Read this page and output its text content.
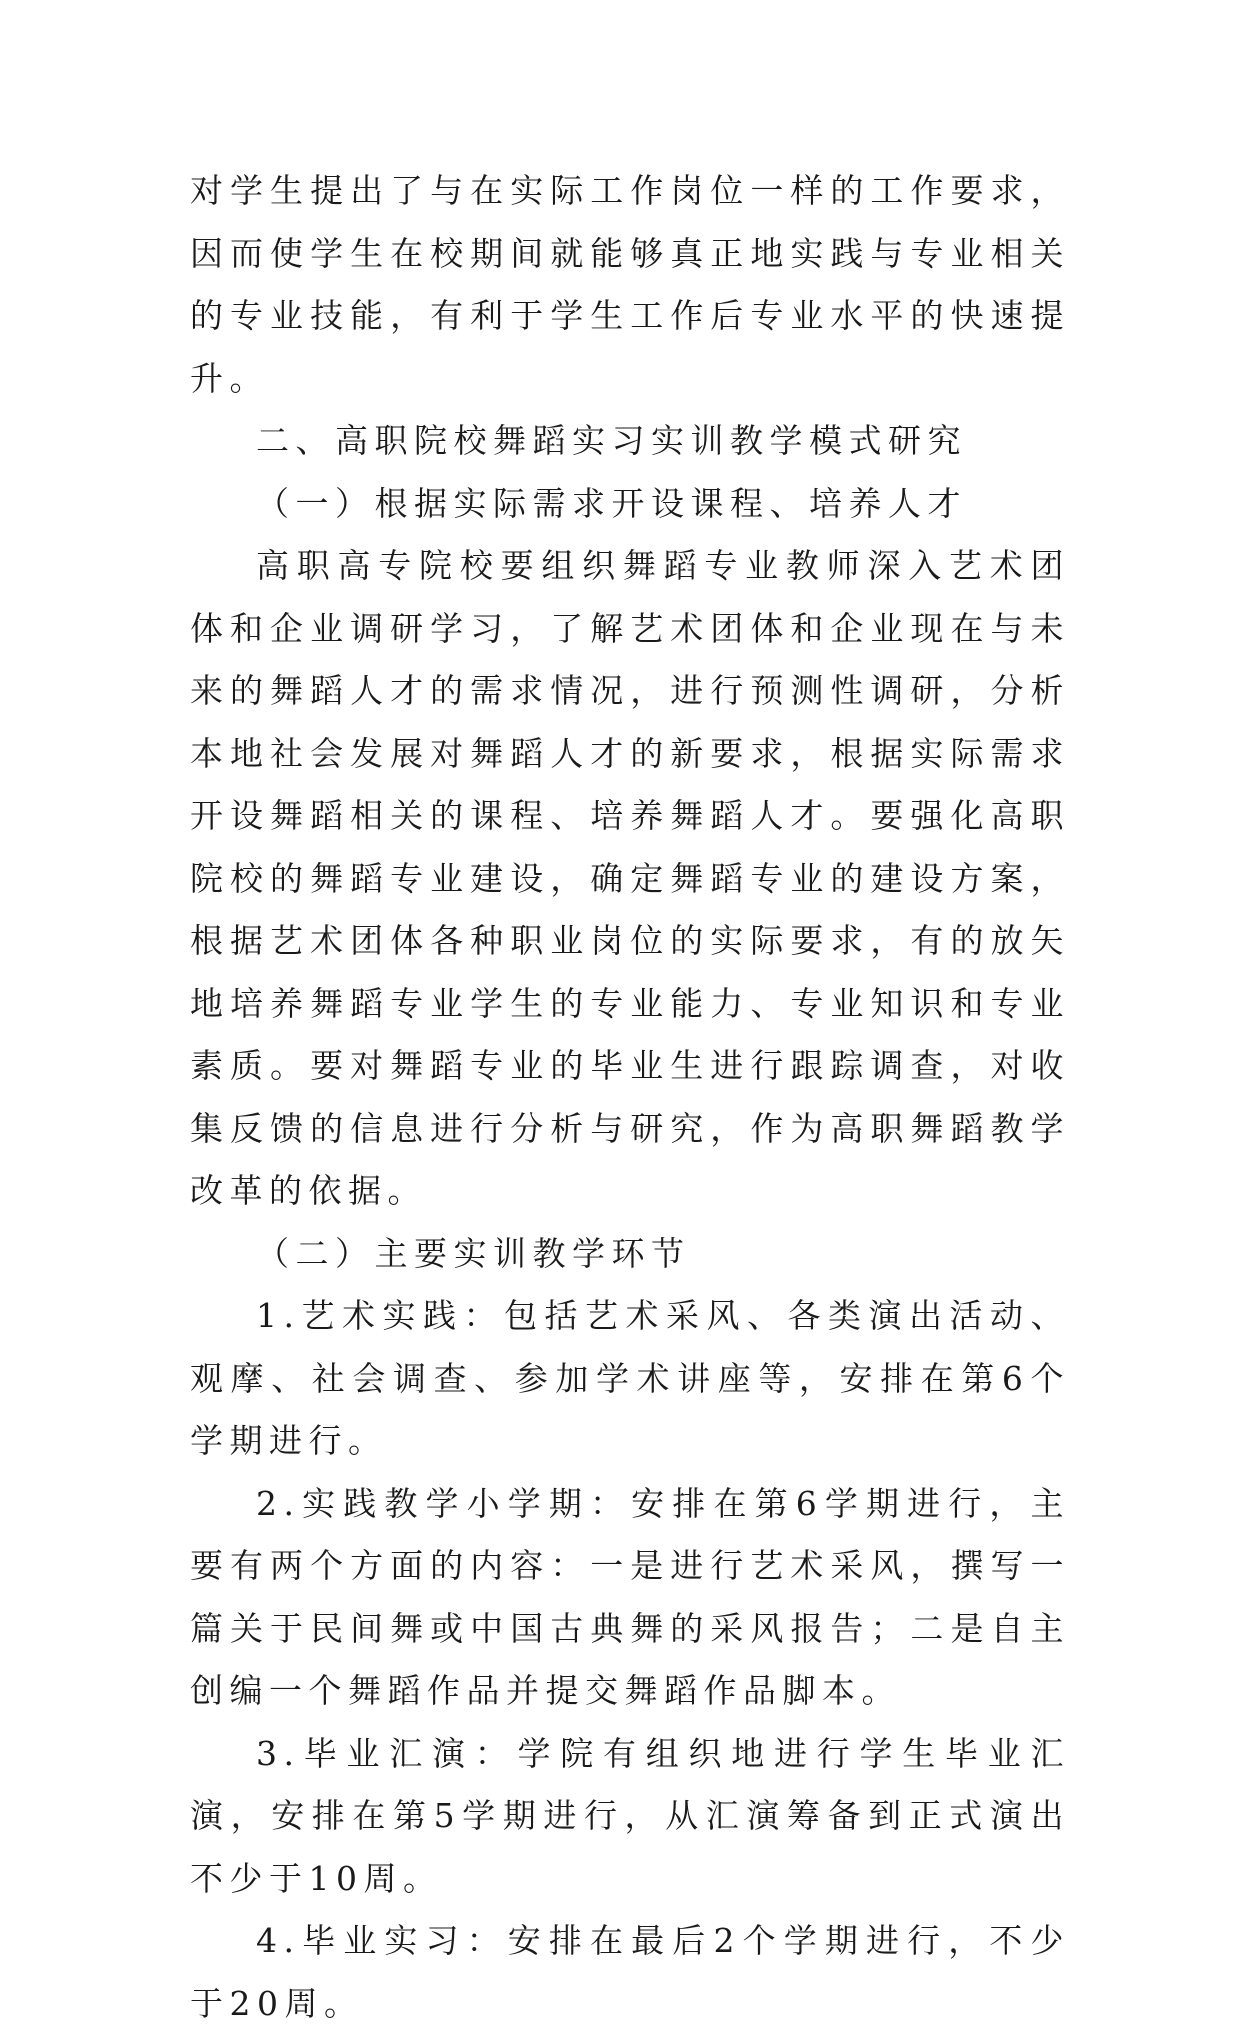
对学生提出了与在实际工作岗位一样的工作要求，因而使学生在校期间就能够真正地实践与专业相关的专业技能，有利于学生工作后专业水平的快速提升。

二、高职院校舞蹈实习实训教学模式研究

（一）根据实际需求开设课程、培养人才

高职高专院校要组织舞蹈专业教师深入艺术团体和企业调研学习，了解艺术团体和企业现在与未来的舞蹈人才的需求情况，进行预测性调研，分析本地社会发展对舞蹈人才的新要求，根据实际需求开设舞蹈相关的课程、培养舞蹈人才。要强化高职院校的舞蹈专业建设，确定舞蹈专业的建设方案，根据艺术团体各种职业岗位的实际要求，有的放矢地培养舞蹈专业学生的专业能力、专业知识和专业素质。要对舞蹈专业的毕业生进行跟踪调查，对收集反馈的信息进行分析与研究，作为高职舞蹈教学改革的依据。

（二）主要实训教学环节

1.艺术实践：包括艺术采风、各类演出活动、观摩、社会调查、参加学术讲座等，安排在第6个学期进行。

2.实践教学小学期：安排在第6学期进行，主要有两个方面的内容：一是进行艺术采风，撰写一篇关于民间舞或中国古典舞的采风报告；二是自主创编一个舞蹈作品并提交舞蹈作品脚本。

3.毕业汇演：学院有组织地进行学生毕业汇演，安排在第5学期进行，从汇演筹备到正式演出不少于10周。

4.毕业实习：安排在最后2个学期进行，不少于20周。
